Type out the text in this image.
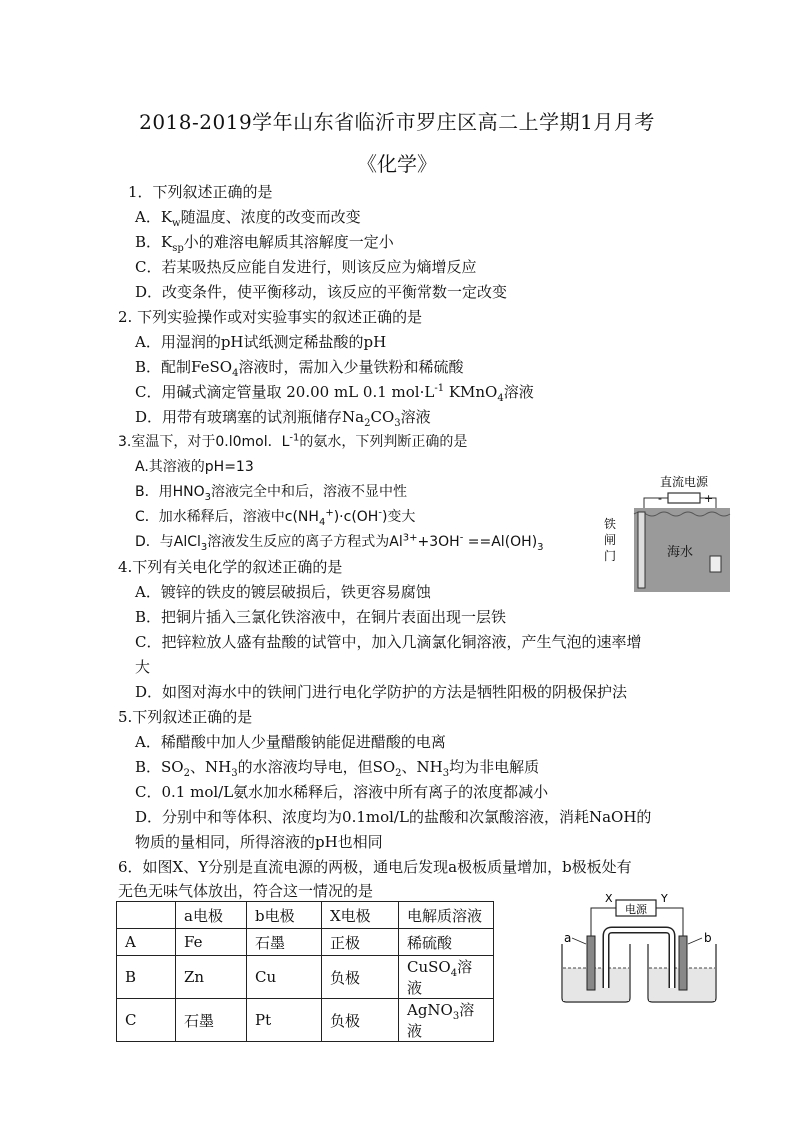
2018-2019学年山东省临沂市罗庄区高二上学期1月月考
《化学》
1．下列叙述正确的是
A．$K_w$随温度、浓度的改变而改变
B．$K_{sp}$小的难溶电解质其溶解度一定小
C．若某吸热反应能自发进行，则该反应为熵增反应
D．改变条件，使平衡移动，该反应的平衡常数一定改变
2. 下列实验操作或对实验事实的叙述正确的是
A．用湿润的pH试纸测定稀盐酸的pH
B．配制FeSO$_4$溶液时，需加入少量铁粉和稀硫酸
C．用碱式滴定管量取 20.00 mL 0.1 $mol\cdot L^{-1}$ KMnO$_4$溶液
D．用带有玻璃塞的试剂瓶储存$Na_2CO_3$溶液
3.室温下，对于0.l0mol．$L^{-1}$的氨水，下列判断正确的是
A.其溶液的pH=13
B．用$HNO_3$溶液完全中和后，溶液不显中性
C．加水稀释后，溶液中$c(NH_4^+)\cdot c(OH^-)$变大
D．与AlCl$_3$溶液发生反应的离子方程式为$Al^{3+}+3OH^- ==Al(OH)_3$
直流电源
-	+
海水
铁 闸 门
4.下列有关电化学的叙述正确的是
A．镀锌的铁皮的镀层破损后，铁更容易腐蚀
B．把铜片插入三氯化铁溶液中，在铜片表面出现一层铁
C．把锌粒放人盛有盐酸的试管中，加入几滴氯化铜溶液，产生气泡的速率增
大
D．如图对海水中的铁闸门进行电化学防护的方法是牺牲阳极的阴极保护法
5.下列叙述正确的是
A．稀醋酸中加人少量醋酸钠能促进醋酸的电离
B．$SO_2$、$NH_3$的水溶液均导电，但$SO_2$、$NH_3$均为非电解质
C．0.1 mol/L氨水加水稀释后，溶液中所有离子的浓度都减小
D．分别中和等体积、浓度均为0.1mol/L的盐酸和次氯酸溶液，消耗NaOH的
物质的量相同，所得溶液的pH也相同
6．如图X、Y分别是直流电源的两极，通电后发现a极板质量增加，b极板处有
无色无味气体放出，符合这一情况的是
	a电极	b电极	X电极	电解质溶液
A	Fe	石墨	正极	稀硫酸
B	Zn	Cu	负极	CuSO$_4$溶液
C	石墨	Pt	负极	AgNO$_3$溶液
电源
X	Y
a	b
